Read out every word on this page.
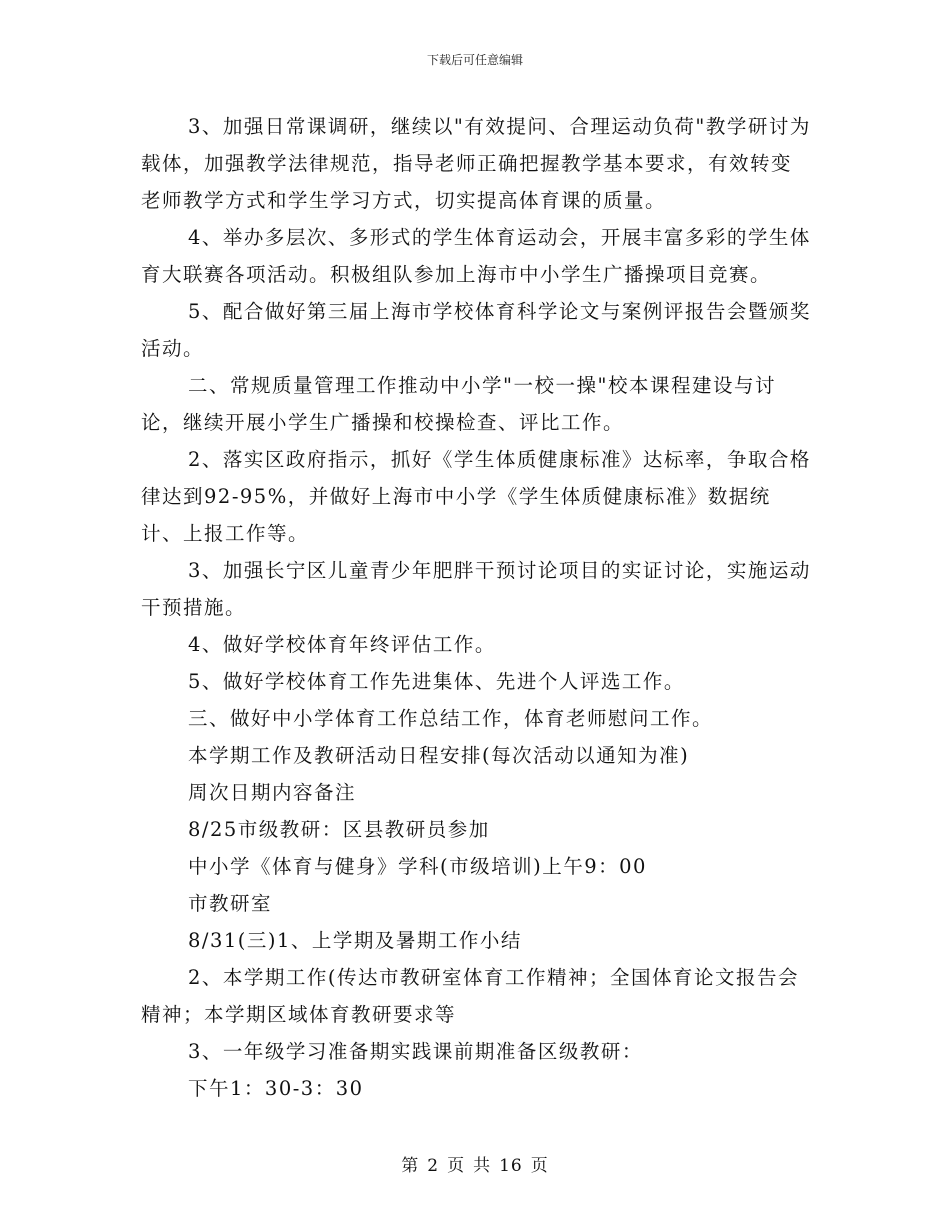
下载后可任意编辑

3、加强日常课调研，继续以"有效提问、合理运动负荷"教学研讨为载体，加强教学法律规范，指导老师正确把握教学基本要求，有效转变老师教学方式和学生学习方式，切实提高体育课的质量。

4、举办多层次、多形式的学生体育运动会，开展丰富多彩的学生体育大联赛各项活动。积极组队参加上海市中小学生广播操项目竞赛。

5、配合做好第三届上海市学校体育科学论文与案例评报告会暨颁奖活动。

二、常规质量管理工作推动中小学"一校一操"校本课程建设与讨论，继续开展小学生广播操和校操检查、评比工作。

2、落实区政府指示，抓好《学生体质健康标准》达标率，争取合格律达到92-95%，并做好上海市中小学《学生体质健康标准》数据统计、上报工作等。

3、加强长宁区儿童青少年肥胖干预讨论项目的实证讨论，实施运动干预措施。

4、做好学校体育年终评估工作。

5、做好学校体育工作先进集体、先进个人评选工作。

三、做好中小学体育工作总结工作，体育老师慰问工作。

本学期工作及教研活动日程安排(每次活动以通知为准)

周次日期内容备注

8/25市级教研：区县教研员参加

中小学《体育与健身》学科(市级培训)上午9：00

市教研室

8/31(三)1、上学期及暑期工作小结

2、本学期工作(传达市教研室体育工作精神；全国体育论文报告会精神；本学期区域体育教研要求等

3、一年级学习准备期实践课前期准备区级教研：

下午1：30-3：30

第 2 页 共 16 页
